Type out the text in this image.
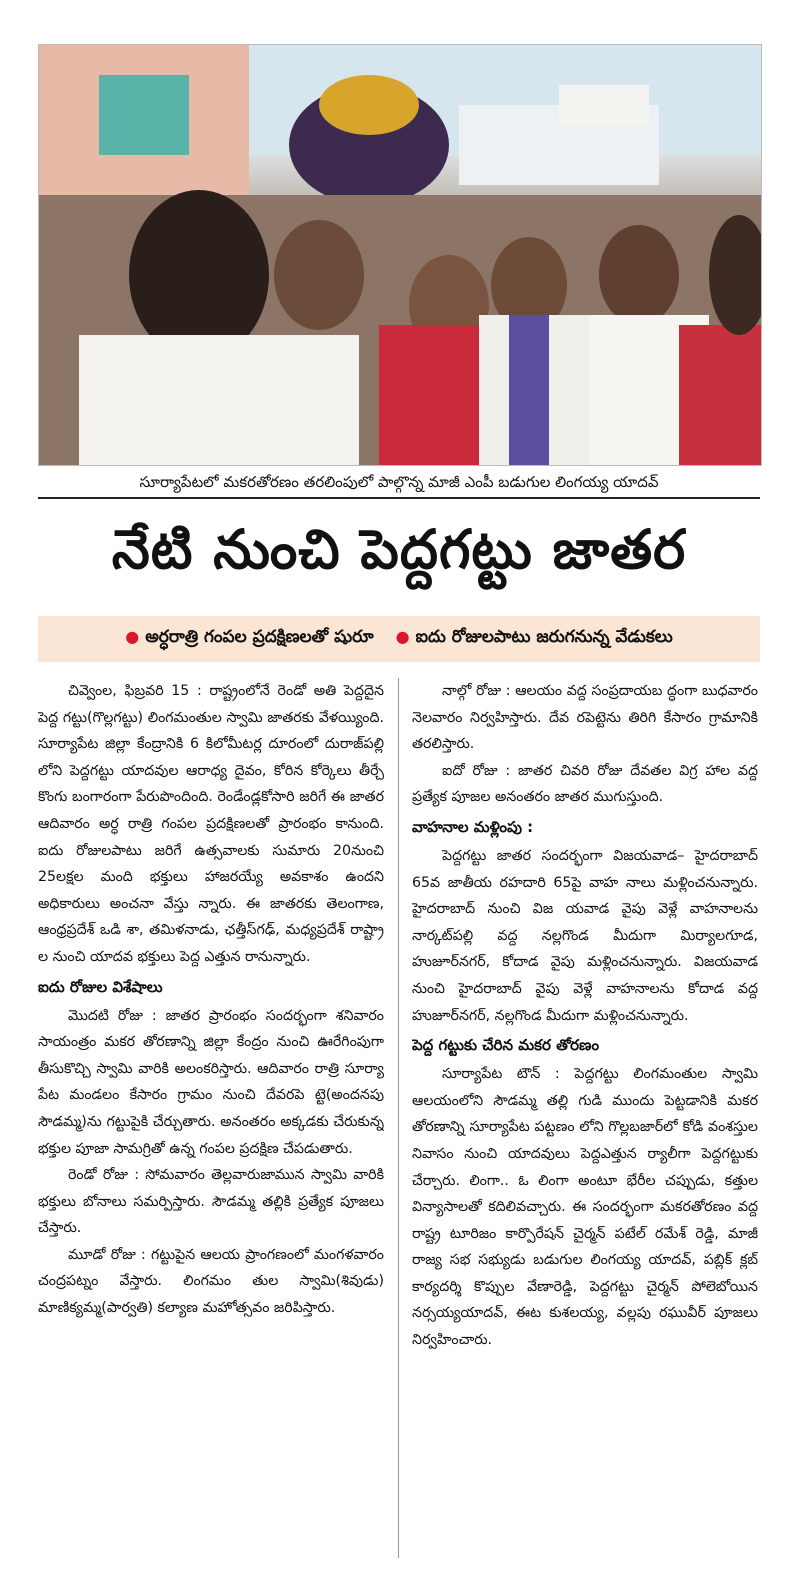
సూర్యాపేటలో మకరతోరణం తరలింపులో పాల్గొన్న మాజీ ఎంపీ బడుగుల లింగయ్య యాదవ్
నేటి నుంచి పెద్దగట్టు జాతర
● అర్ధరాత్రి గంపల ప్రదక్షిణలతో షురూ ● ఐదు రోజులపాటు జరుగనున్న వేడుకలు

చివ్వెంల, ఫిబ్రవరి 15 : రాష్ట్రంలోనే రెండో అతి పెద్దదైన పెద్ద గట్టు(గొల్లగట్టు) లింగమంతుల స్వామి జాతరకు వేళయ్యింది. సూర్యాపేట జిల్లా కేంద్రానికి 6 కిలోమీటర్ల దూరంలో దురాజ్‌పల్లి లోని పెద్దగట్టు యాదవుల ఆరాధ్య దైవం, కోరిన కోర్కెలు తీర్చే కొంగు బంగారంగా పేరుపొందింది. రెండేండ్లకోసారి జరిగే ఈ జాతర ఆదివారం అర్ధ రాత్రి గంపల ప్రదక్షిణలతో ప్రారంభం కానుంది. ఐదు రోజులపాటు జరిగే ఉత్సవాలకు సుమారు 20నుంచి 25లక్షల మంది భక్తులు హాజరయ్యే అవకాశం ఉందని అధికారులు అంచనా వేస్తు న్నారు. ఈ జాతరకు తెలంగాణ, ఆంధ్రప్రదేశ్ ఒడి శా, తమిళనాడు, ఛత్తీస్‌గఢ్, మధ్యప్రదేశ్ రాష్ట్రా ల నుంచి యాదవ భక్తులు పెద్ద ఎత్తున రానున్నారు.

ఐదు రోజుల విశేషాలు

మొదటి రోజు : జాతర ప్రారంభం సందర్భంగా శనివారం సాయంత్రం మకర తోరణాన్ని జిల్లా కేంద్రం నుంచి ఊరేగింపుగా తీసుకొచ్చి స్వామి వారికి అలంకరిస్తారు. ఆదివారం రాత్రి సూర్యా పేట మండలం కేసారం గ్రామం నుంచి దేవరపె ట్టె(అందనపు సౌడమ్మ)ను గట్టుపైకి చేర్చుతారు. అనంతరం అక్కడకు చేరుకున్న భక్తుల పూజా సామగ్రితో ఉన్న గంపల ప్రదక్షిణ చేపడుతారు.

రెండో రోజు : సోమవారం తెల్లవారుజామున స్వామి వారికి భక్తులు బోనాలు సమర్పిస్తారు. సౌడమ్మ తల్లికి ప్రత్యేక పూజలు చేస్తారు.

మూడో రోజు : గట్టుపైన ఆలయ ప్రాంగణంలో మంగళవారం చంద్రపట్నం వేస్తారు. లింగమం తుల స్వామి(శివుడు) మాణిక్యమ్మ(పార్వతి) కల్యాణ మహోత్సవం జరిపిస్తారు.

నాల్గో రోజు : ఆలయం వద్ద సంప్రదాయబ ద్ధంగా బుధవారం నెలవారం నిర్వహిస్తారు. దేవ రపెట్టెను తిరిగి కేసారం గ్రామానికి తరలిస్తారు.

ఐదో రోజు : జాతర చివరి రోజు దేవతల విగ్ర హాల వద్ద ప్రత్యేక పూజల అనంతరం జాతర ముగుస్తుంది.

వాహనాల మళ్లింపు :

పెద్దగట్టు జాతర సందర్భంగా విజయవాడ– హైదరాబాద్ 65వ జాతీయ రహదారి 65పై వాహ నాలు మళ్లించనున్నారు. హైదరాబాద్ నుంచి విజ యవాడ వైపు వెళ్లే వాహనాలను నార్కట్‌పల్లి వద్ద నల్లగొండ మీదుగా మిర్యాలగూడ, హుజూర్‌నగర్, కోదాడ వైపు మళ్లించనున్నారు. విజయవాడ నుంచి హైదరాబాద్ వైపు వెళ్లే వాహనాలను కోదాడ వద్ద హుజూర్‌నగర్, నల్లగొండ మీదుగా మళ్లించనున్నారు.

పెద్ద గట్టుకు చేరిన మకర తోరణం

సూర్యాపేట టౌన్ : పెద్దగట్టు లింగమంతుల స్వామి ఆలయంలోని సౌడమ్మ తల్లి గుడి ముందు పెట్టడానికి మకర తోరణాన్ని సూర్యాపేట పట్టణం లోని గొల్లబజార్‌లో కోడి వంశస్తుల నివాసం నుంచి యాదవులు పెద్దఎత్తున ర్యాలీగా పెద్దగట్టుకు చేర్చారు. లింగా.. ఓ లింగా అంటూ భేరీల చప్పుడు, కత్తుల విన్యాసాలతో కదిలివచ్చారు. ఈ సందర్భంగా మకరతోరణం వద్ద రాష్ట్ర టూరిజం కార్పొరేషన్ చైర్మన్ పటేల్ రమేశ్ రెడ్డి, మాజీ రాజ్య సభ సభ్యుడు బడుగుల లింగయ్య యాదవ్, పబ్లిక్ క్లబ్ కార్యదర్శి కొప్పుల వేణారెడ్డి, పెద్దగట్టు చైర్మన్ పోలెబోయిన నర్సయ్యయాదవ్, ఈట కుశలయ్య, వల్లపు రఘువీర్ పూజలు నిర్వహించారు.
